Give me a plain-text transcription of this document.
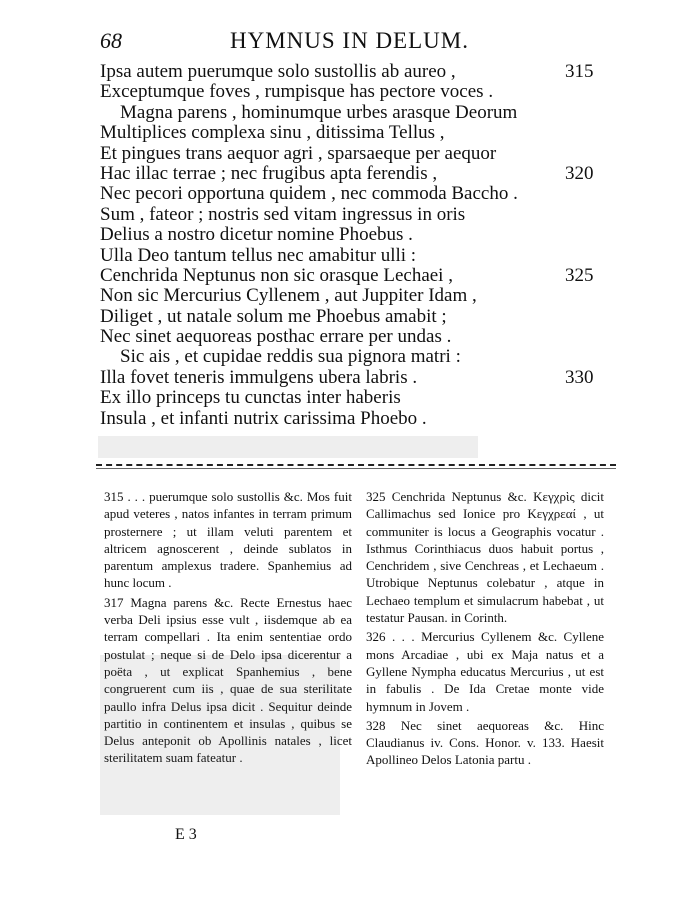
68	HYMNUS IN DELUM.
Ipsa autem puerumque solo sustollis ab aureo ,	315
Exceptumque foves , rumpisque has pectore voces .
Magna parens , hominumque urbes arasque Deorum
Multiplices complexa sinu , ditissima Tellus ,
Et pingues trans aequor agri , sparsaeque per aequor
Hac illac terrae ; nec frugibus apta ferendis ,	320
Nec pecori opportuna quidem , nec commoda Baccho .
Sum , fateor ; nostris sed vitam ingressus in oris
Delius a nostro dicetur nomine Phoebus .
Ulla Deo tantum tellus nec amabitur ulli :
Cenchrida Neptunus non sic orasque Lechaei ,	325
Non sic Mercurius Cyllenem , aut Juppiter Idam ,
Diliget , ut natale solum me Phoebus amabit ;
Nec sinet aequoreas posthac errare per undas .
Sic ais , et cupidae reddis sua pignora matri :
Illa fovet teneris immulgens ubera labris .	330
Ex illo princeps tu cunctas inter haberis
Insula , et infanti nutrix carissima Phoebo .

315 . . . puerumque solo sustollis &c. Mos fuit apud veteres , natos infantes in terram primum prosternere ; ut illam veluti parentem et altricem agnoscerent , deinde sublatos in parentum amplexus tradere. Spanhemius ad hunc locum .

317 Magna parens &c. Recte Ernestus haec verba Deli ipsius esse vult , iisdemque ab ea terram compellari . Ita enim sententiae ordo postulat ; neque si de Delo ipsa dicerentur a poëta , ut explicat Spanhemius , bene congruerent cum iis , quae de sua sterilitate paullo infra Delus ipsa dicit . Sequitur deinde partitio in continentem et insulas , quibus se Delus anteponit ob Apollinis natales , licet sterilitatem suam fateatur .

325 Cenchrida Neptunus &c. Κεγχρὶς dicit Callimachus sed Ionice pro Κεγχρεαί , ut communiter is locus a Geographis vocatur . Isthmus Corinthiacus duos habuit portus , Cenchridem , sive Cenchreas , et Lechaeum . Utrobique Neptunus colebatur , atque in Lechaeo templum et simulacrum habebat , ut testatur Pausan. in Corinth.

326 . . . Mercurius Cyllenem &c. Cyllene mons Arcadiae , ubi ex Maja natus et a Gyllene Nympha educatus Mercurius , ut est in fabulis . De Ida Cretae monte vide hymnum in Jovem .

328 Nec sinet aequoreas &c. Hinc Claudianus iv. Cons. Honor. v. 133. Haesit Apollineo Delos Latonia partu .

E 3
